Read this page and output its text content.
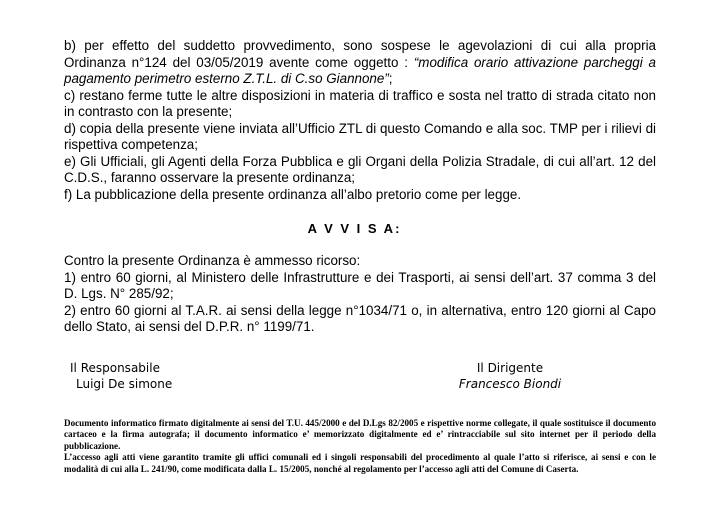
b) per effetto del suddetto provvedimento, sono sospese le agevolazioni di cui alla propria Ordinanza n°124 del 03/05/2019 avente come oggetto : “modifica orario attivazione parcheggi a pagamento perimetro esterno Z.T.L. di C.so Giannone”;

c) restano ferme tutte le altre disposizioni in materia di traffico e sosta nel tratto di strada citato non in contrasto con la presente;

d) copia della presente viene inviata all’Ufficio ZTL di questo Comando e alla soc. TMP per i rilievi di rispettiva competenza;

e) Gli Ufficiali, gli Agenti della Forza Pubblica e gli Organi della Polizia Stradale, di cui all’art. 12 del C.D.S., faranno osservare la presente ordinanza;

f) La pubblicazione della presente ordinanza all’albo pretorio come per legge.

A V V I S A:

Contro la presente Ordinanza è ammesso ricorso:

1) entro 60 giorni, al Ministero delle Infrastrutture e dei Trasporti, ai sensi dell’art. 37 comma 3 del D. Lgs. N° 285/92;

2) entro 60 giorni al T.A.R. ai sensi della legge n°1034/71 o, in alternativa, entro 120 giorni al Capo dello Stato, ai sensi del D.P.R. n° 1199/71.

Il Responsabile
Luigi De simone
Il Dirigente
Francesco Biondi

Documento informatico firmato digitalmente ai sensi del T.U. 445/2000 e del D.Lgs 82/2005 e rispettive norme collegate, il quale sostituisce il documento cartaceo e la firma autografa; il documento informatico e’ memorizzato digitalmente ed e’ rintracciabile sul sito internet per il periodo della pubblicazione.

L’accesso agli atti viene garantito tramite gli uffici comunali ed i singoli responsabili del procedimento al quale l’atto si riferisce, ai sensi e con le modalità di cui alla L. 241/90, come modificata dalla L. 15/2005, nonché al regolamento per l’accesso agli atti del Comune di Caserta.
